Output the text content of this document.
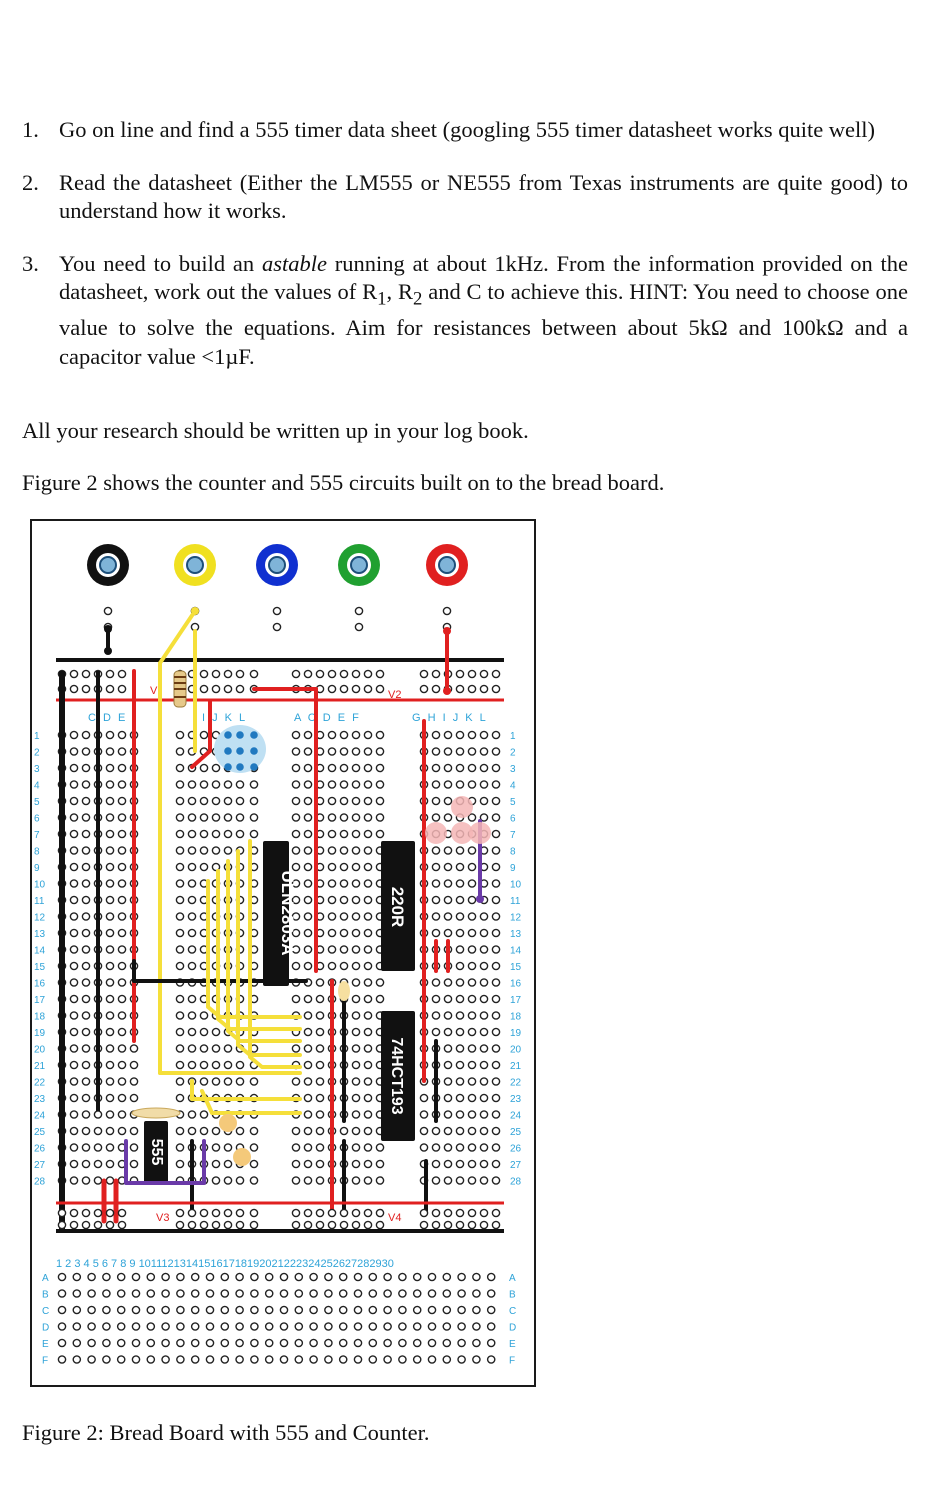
1. Go on line and find a 555 timer data sheet (googling 555 timer datasheet works quite well)
2. Read the datasheet (Either the LM555 or NE555 from Texas instruments are quite good) to understand how it works.
3. You need to build an astable running at about 1kHz. From the information provided on the datasheet, work out the values of $R_1$, $R_2$ and C to achieve this. HINT: You need to choose one value to solve the equations. Aim for resistances between about 5kΩ and 100kΩ and a capacitor value <1µF.

All your research should be written up in your log book.

Figure 2 shows the counter and 555 circuits built on to the bread board.

V	V2
C D E	I J K L	A C D E F	G H I J K L
1	1
2	2
3	3
4	4
5	5
6	6
7	7
8	8
9	9
10	10
11	11
12	12
13	13
14	14
15	15
16	16
17	17
18	18
19	19
20	20
21	21
22	22
23	23
24	24
25	25
26	26
27	27
28	28
ULN2803A	220R
74HCT193
555
V3	V4
1 2 3 4 5 6 7 8 9 101112131415161718192021222324252627282930
A	A
B	B
C	C
D	D
E	E
F	F

Figure 2: Bread Board with 555 and Counter.
